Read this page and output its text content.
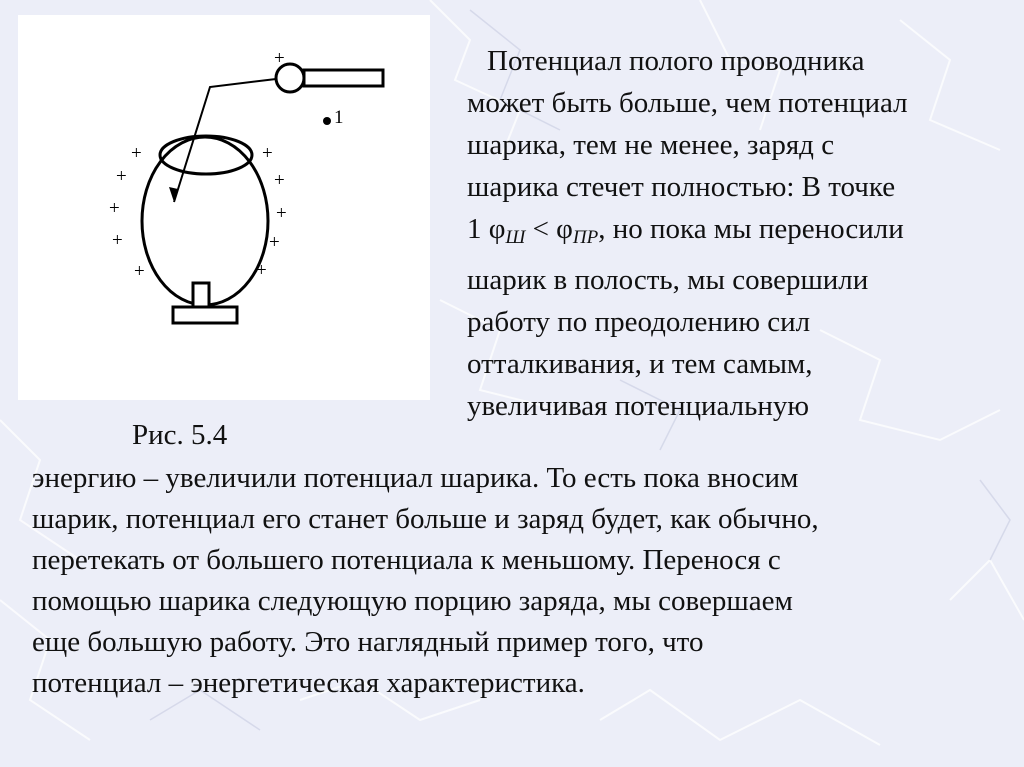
1
+
+
+
+
+
+
+
+
+
+
+

Потенциал полого проводника
может быть больше, чем потенциал
шарика, тем не менее, заряд с
шарика стечет полностью: В точке
1 $\varphi_Ш < \varphi_{ПР}$, но пока мы переносили
шарик в полость, мы совершили
работу по преодолению сил
отталкивания, и тем самым,
увеличивая потенциальную

Рис. 5.4

энергию – увеличили потенциал шарика. То есть пока вносим
шарик, потенциал его станет больше и заряд будет, как обычно,
перетекать от большего потенциала к меньшому. Перенося с
помощью шарика следующую порцию заряда, мы совершаем
еще большую работу. Это наглядный пример того, что
потенциал – энергетическая характеристика.
